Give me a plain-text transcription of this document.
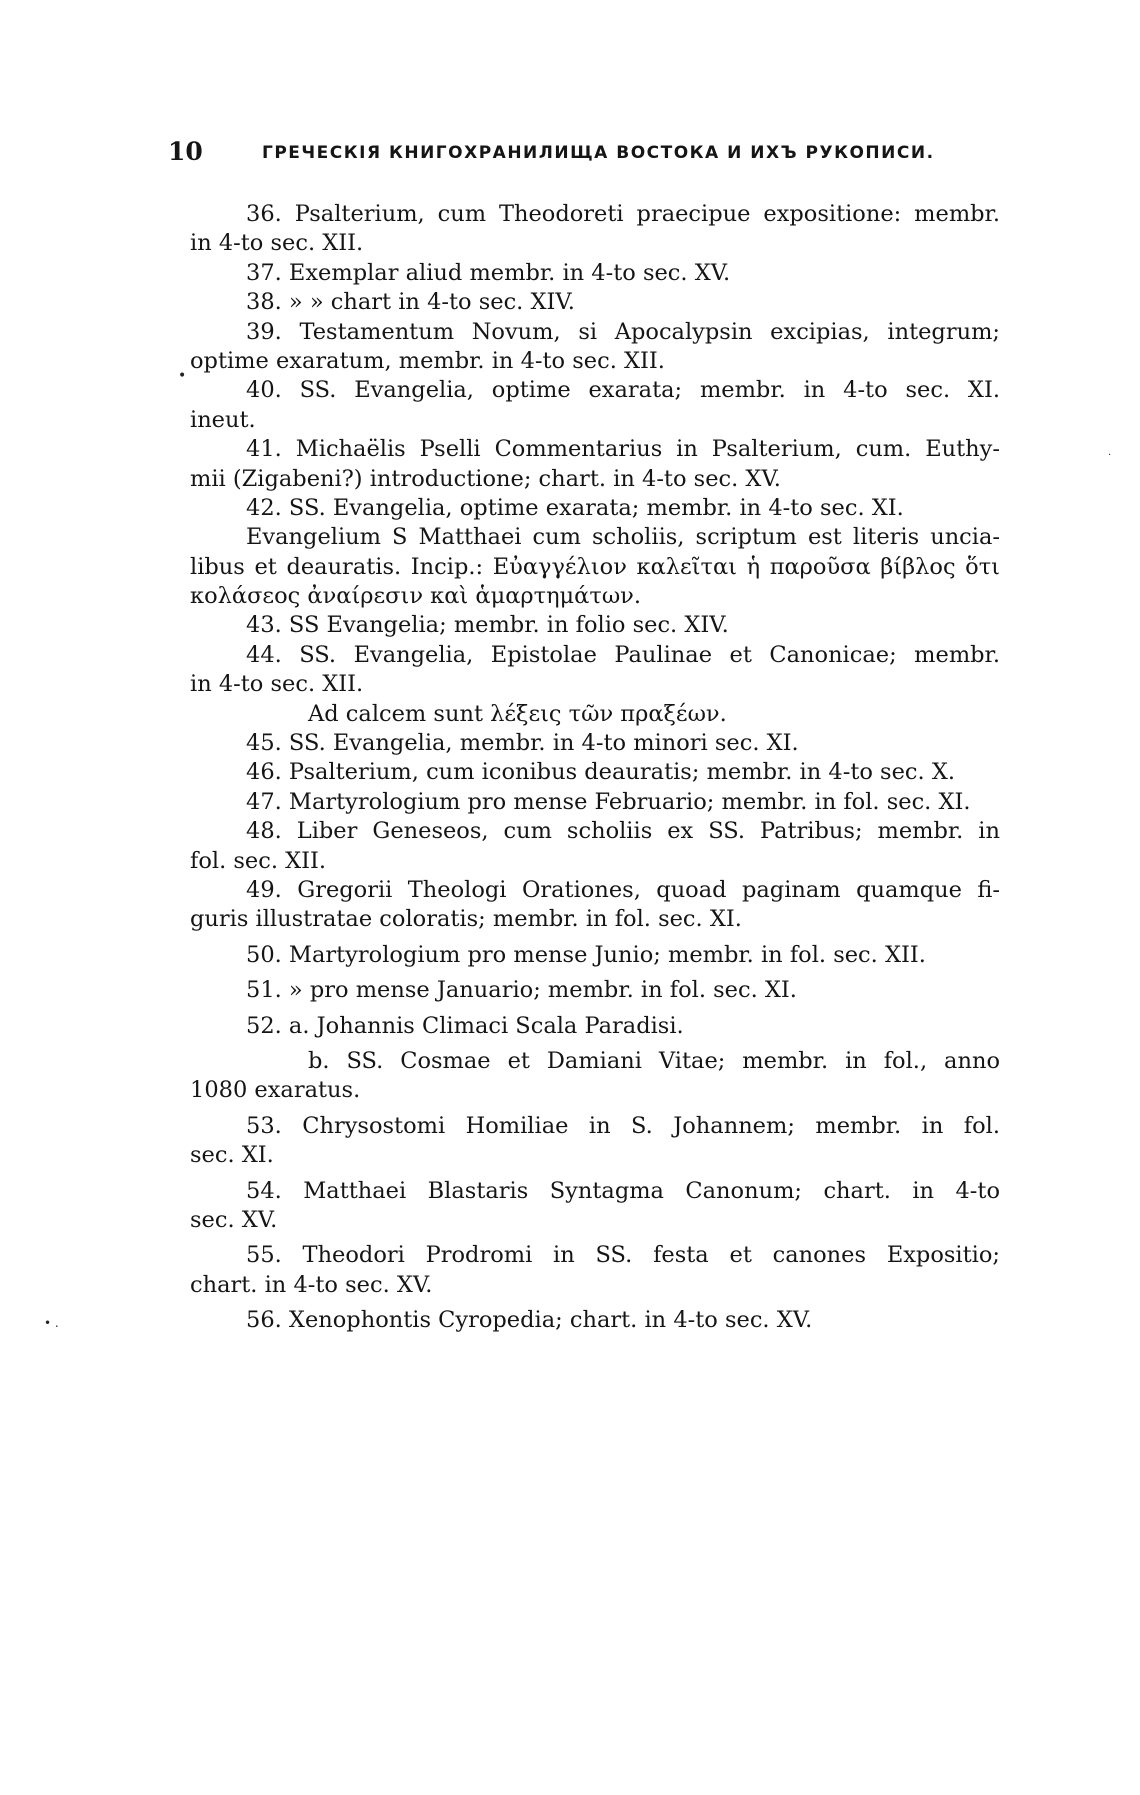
10	ГРЕЧЕСКІЯ КНИГОХРАНИЛИЩА ВОСТОКА И ИХЪ РУКОПИСИ.
36. Psalterium, cum Theodoreti praecipue expositione: membr.
in 4-to sec. XII.
37. Exemplar aliud membr. in 4-to sec. XV.
38. » » chart in 4-to sec. XIV.
39. Testamentum Novum, si Apocalypsin excipias, integrum;
optime exaratum, membr. in 4-to sec. XII.
40. SS. Evangelia, optime exarata; membr. in 4-to sec. XI.
ineut.
41. Michaëlis Pselli Commentarius in Psalterium, cum. Euthy-
mii (Zigabeni?) introductione; chart. in 4-to sec. XV.
42. SS. Evangelia, optime exarata; membr. in 4-to sec. XI.
Evangelium S Matthaei cum scholiis, scriptum est literis uncia-
libus et deauratis. Incip.: Εὐαγγέλιον καλεῖται ἡ παροῦσα βίβλος ὅτι
κολάσεος ἀναίρεσιν καὶ ἁμαρτημάτων.
43. SS Evangelia; membr. in folio sec. XIV.
44. SS. Evangelia, Epistolae Paulinae et Canonicae; membr.
in 4-to sec. XII.
Ad calcem sunt λέξεις τῶν πραξέων.
45. SS. Evangelia, membr. in 4-to minori sec. XI.
46. Psalterium, cum iconibus deauratis; membr. in 4-to sec. X.
47. Martyrologium pro mense Februario; membr. in fol. sec. XI.
48. Liber Geneseos, cum scholiis ex SS. Patribus; membr. in
fol. sec. XII.
49. Gregorii Theologi Orationes, quoad paginam quamque fi-
guris illustratae coloratis; membr. in fol. sec. XI.
50. Martyrologium pro mense Junio; membr. in fol. sec. XII.
51. » pro mense Januario; membr. in fol. sec. XI.
52. a. Johannis Climaci Scala Paradisi.
b. SS. Cosmae et Damiani Vitae; membr. in fol., anno
1080 exaratus.
53. Chrysostomi Homiliae in S. Johannem; membr. in fol.
sec. XI.
54. Matthaei Blastaris Syntagma Canonum; chart. in 4-to
sec. XV.
55. Theodori Prodromi in SS. festa et canones Expositio;
chart. in 4-to sec. XV.
56. Xenophontis Cyropedia; chart. in 4-to sec. XV.
•
• .
.
